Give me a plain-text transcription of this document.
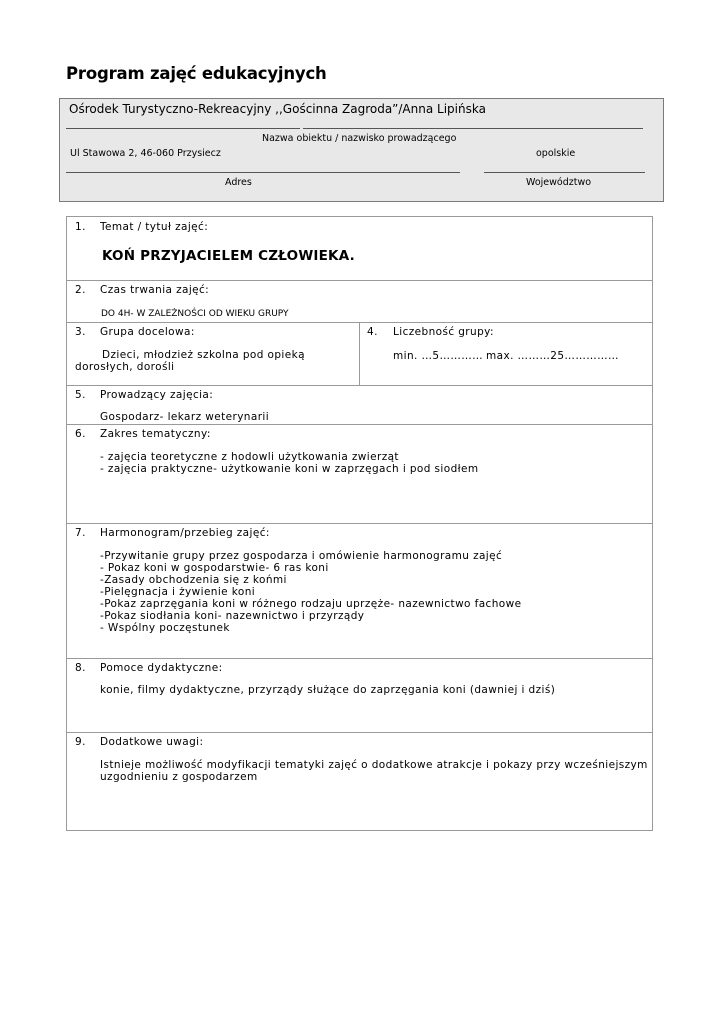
Program zajęć edukacyjnych
Ośrodek Turystyczno-Rekreacyjny ,,Gościnna Zagroda”/Anna Lipińska
Nazwa obiektu / nazwisko prowadzącego
Ul Stawowa 2, 46-060 Przysiecz	opolskie
Adres	Województwo
1. Temat / tytuł zajęć:
KOŃ PRZYJACIELEM CZŁOWIEKA.
2. Czas trwania zajęć:
DO 4H- W ZALEŻNOŚCI OD WIEKU GRUPY
3. Grupa docelowa:
Dzieci, młodzież szkolna pod opieką
dorosłych, dorośli
4. Liczebność grupy:
min. …5………… max. ………25……………
5. Prowadzący zajęcia:
Gospodarz- lekarz weterynarii
6. Zakres tematyczny:
- zajęcia teoretyczne z hodowli użytkowania zwierząt
- zajęcia praktyczne- użytkowanie koni w zaprzęgach i pod siodłem
7. Harmonogram/przebieg zajęć:
-Przywitanie grupy przez gospodarza i omówienie harmonogramu zajęć
- Pokaz koni w gospodarstwie- 6 ras koni
-Zasady obchodzenia się z końmi
-Pielęgnacja i żywienie koni
-Pokaz zaprzęgania koni w różnego rodzaju uprzęże- nazewnictwo fachowe
-Pokaz siodłania koni- nazewnictwo i przyrządy
- Wspólny poczęstunek
8. Pomoce dydaktyczne:
konie, filmy dydaktyczne, przyrządy służące do zaprzęgania koni (dawniej i dziś)
9. Dodatkowe uwagi:
Istnieje możliwość modyfikacji tematyki zajęć o dodatkowe atrakcje i pokazy przy wcześniejszym
uzgodnieniu z gospodarzem
